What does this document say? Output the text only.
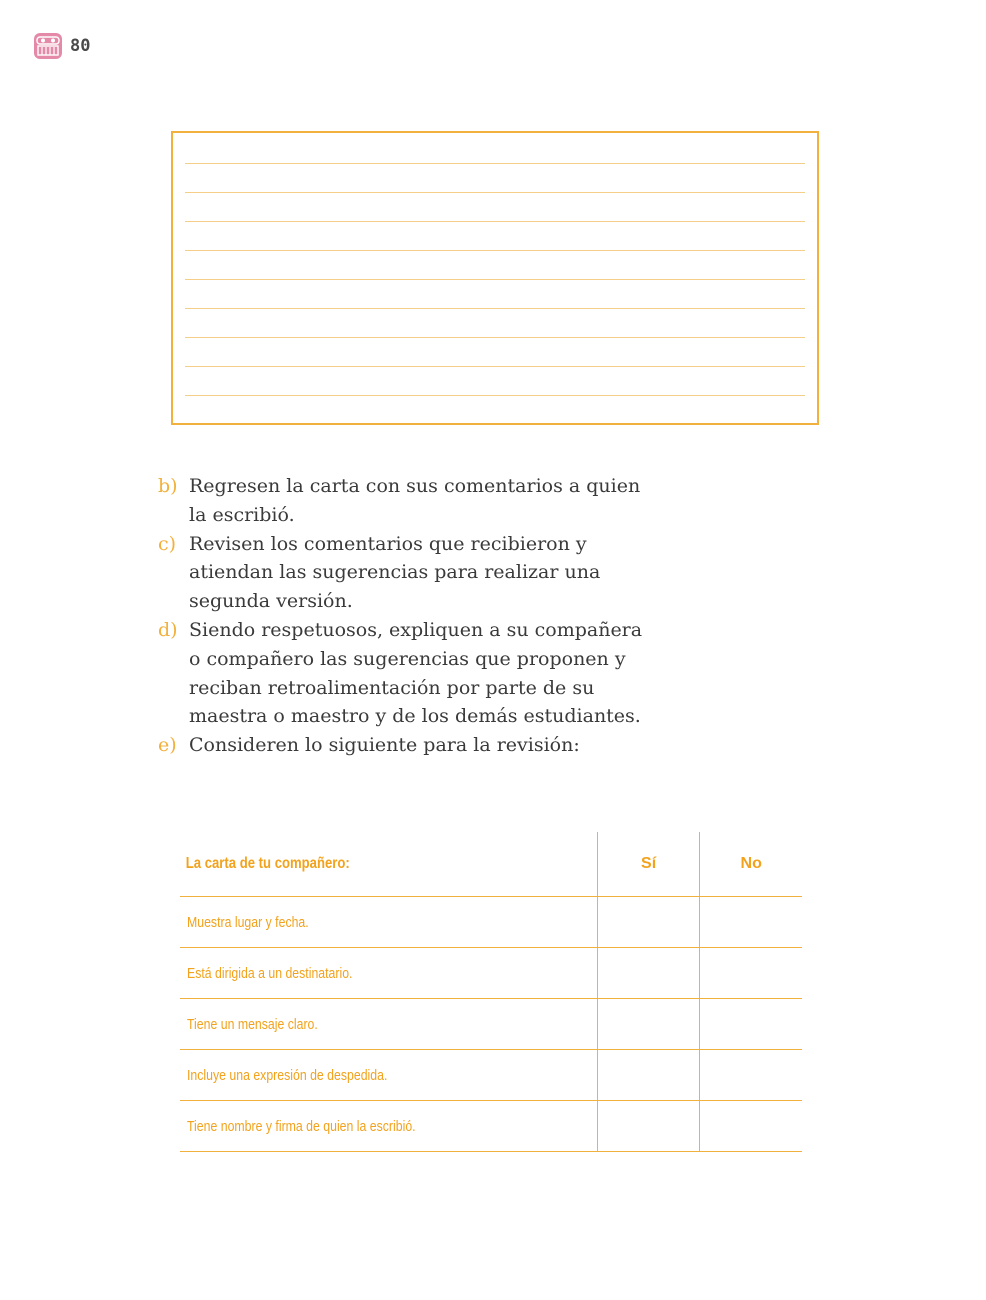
80
b) Regresen la carta con sus comentarios a quien la escribió.
c) Revisen los comentarios que recibieron y atiendan las sugerencias para realizar una segunda versión.
d) Siendo respetuosos, expliquen a su compañera o compañero las sugerencias que proponen y reciban retroalimentación por parte de su maestra o maestro y de los demás estudiantes.
e) Consideren lo siguiente para la revisión:
La carta de tu compañero:	Sí	No
Muestra lugar y fecha.		
Está dirigida a un destinatario.		
Tiene un mensaje claro.		
Incluye una expresión de despedida.		
Tiene nombre y firma de quien la escribió.		
